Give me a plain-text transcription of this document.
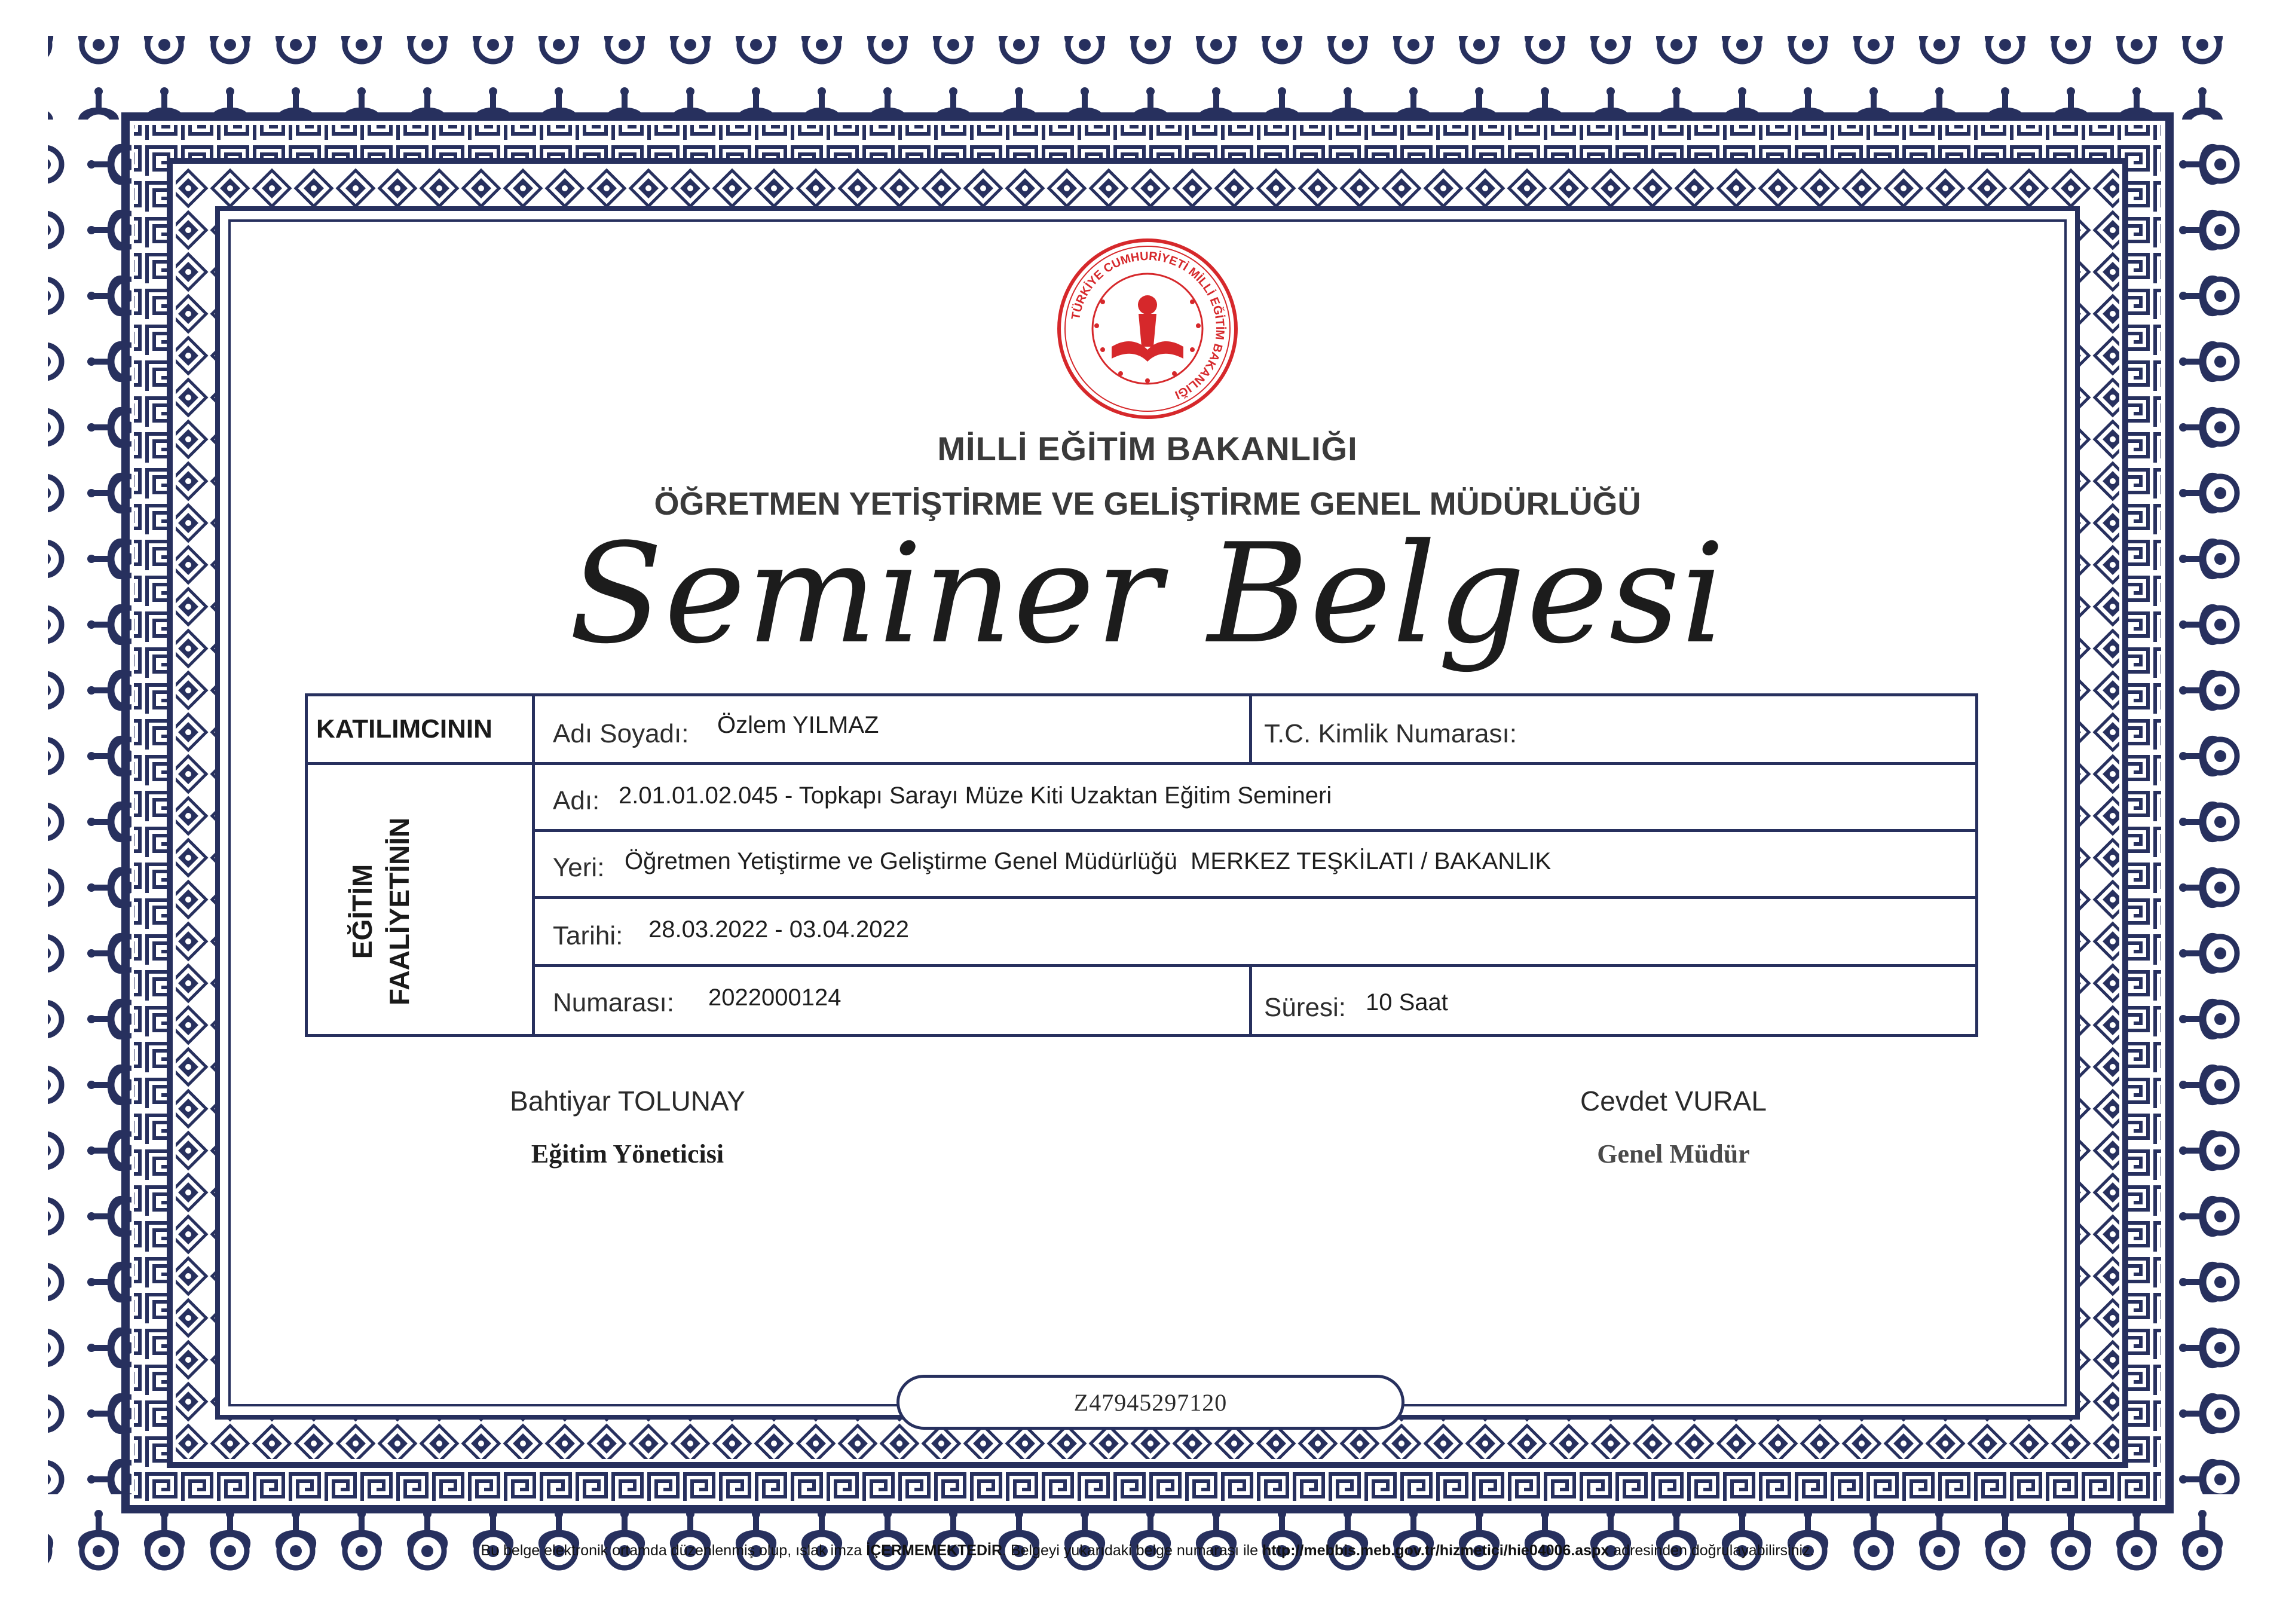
TÜRKİYE CUMHURİYETİ MİLLİ EĞİTİM BAKANLIĞI
MİLLİ EĞİTİM BAKANLIĞI
ÖĞRETMEN YETİŞTİRME VE GELİŞTİRME GENEL MÜDÜRLÜĞÜ
Seminer Belgesi
KATILIMCININ Adı Soyadı: Özlem YILMAZ	T.C. Kimlik Numarası:
EĞİTİM FAALİYETİNİN
Adı: 2.01.01.02.045 - Topkapı Sarayı Müze Kiti Uzaktan Eğitim Semineri
Yeri: Öğretmen Yetiştirme ve Geliştirme Genel Müdürlüğü  MERKEZ TEŞKİLATI / BAKANLIK
Tarihi: 28.03.2022 - 03.04.2022
Numarası: 2022000124	Süresi: 10 Saat
Bahtiyar TOLUNAY
Eğitim Yöneticisi
Cevdet VURAL
Genel Müdür
Z47945297120
Bu belge elektronik ortamda düzenlenmiş olup, ıslak imza İÇERMEMEKTEDİR. Belgeyi yukarıdaki belge numarası ile http://mebbis.meb.gov.tr/hizmetici/hie04006.aspx adresinden doğrulayabilirsiniz.
